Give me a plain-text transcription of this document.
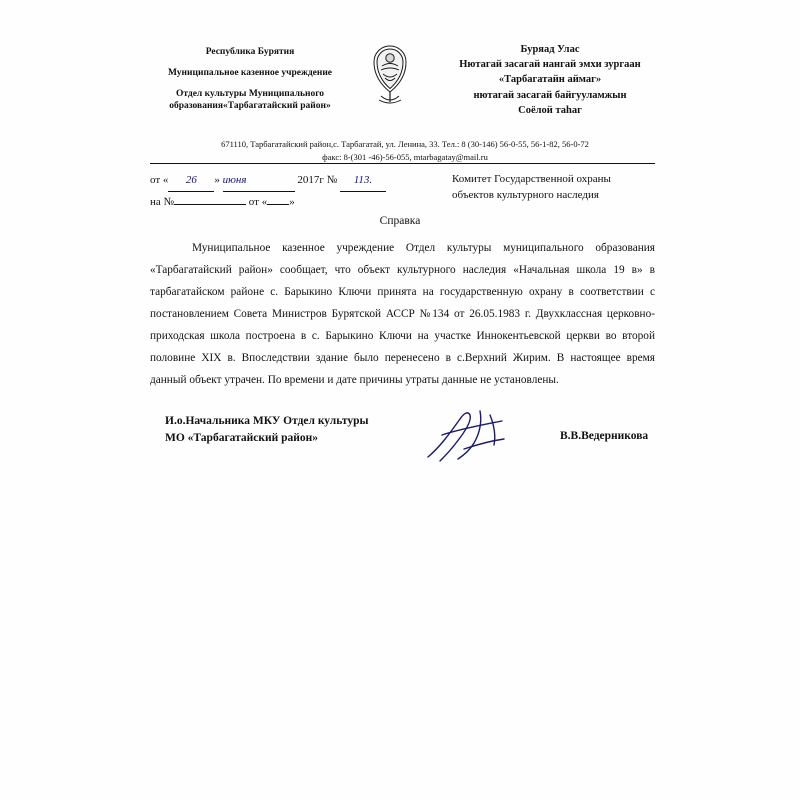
Республика Бурятия
Муниципальное казенное учреждение
Отдел культуры Муниципального образования«Тарбагатайский район»
Буряад Улас
Нютагай засагай нангай эмхи зургаан
«Тарбагатайн аймаг»
нютагай засагай байгууламжын
Соёлой таhаг
671110, Тарбагатайский район,с. Тарбагатай, ул. Ленина, 33. Тел.: 8 (30-146) 56-0-55, 56-1-82, 56-0-72
факс: 8-(301 -46)-56-055, mtarbagatay@mail.ru
от « 26 » июня	2017г № 113.
на №	от « »
Комитет Государственной охраны
объектов культурного наследия
Справка

Муниципальное казенное учреждение Отдел культуры муниципального образования «Тарбагатайский район» сообщает, что объект культурного наследия «Начальная школа 19 в» в тарбагатайском районе с. Барыкино Ключи принята на государственную охрану в соответствии с постановлением Совета Министров Бурятской АССР №134 от 26.05.1983 г. Двухклассная церковно-приходская школа построена в с. Барыкино Ключи на участке Иннокентьевской церкви во второй половине XIX в. Впоследствии здание было перенесено в с.Верхний Жирим. В настоящее время данный объект утрачен. По времени и дате причины утраты данные не установлены.

И.о.Начальника МКУ Отдел культуры
МО «Тарбагатайский район»	В.В.Ведерникова
